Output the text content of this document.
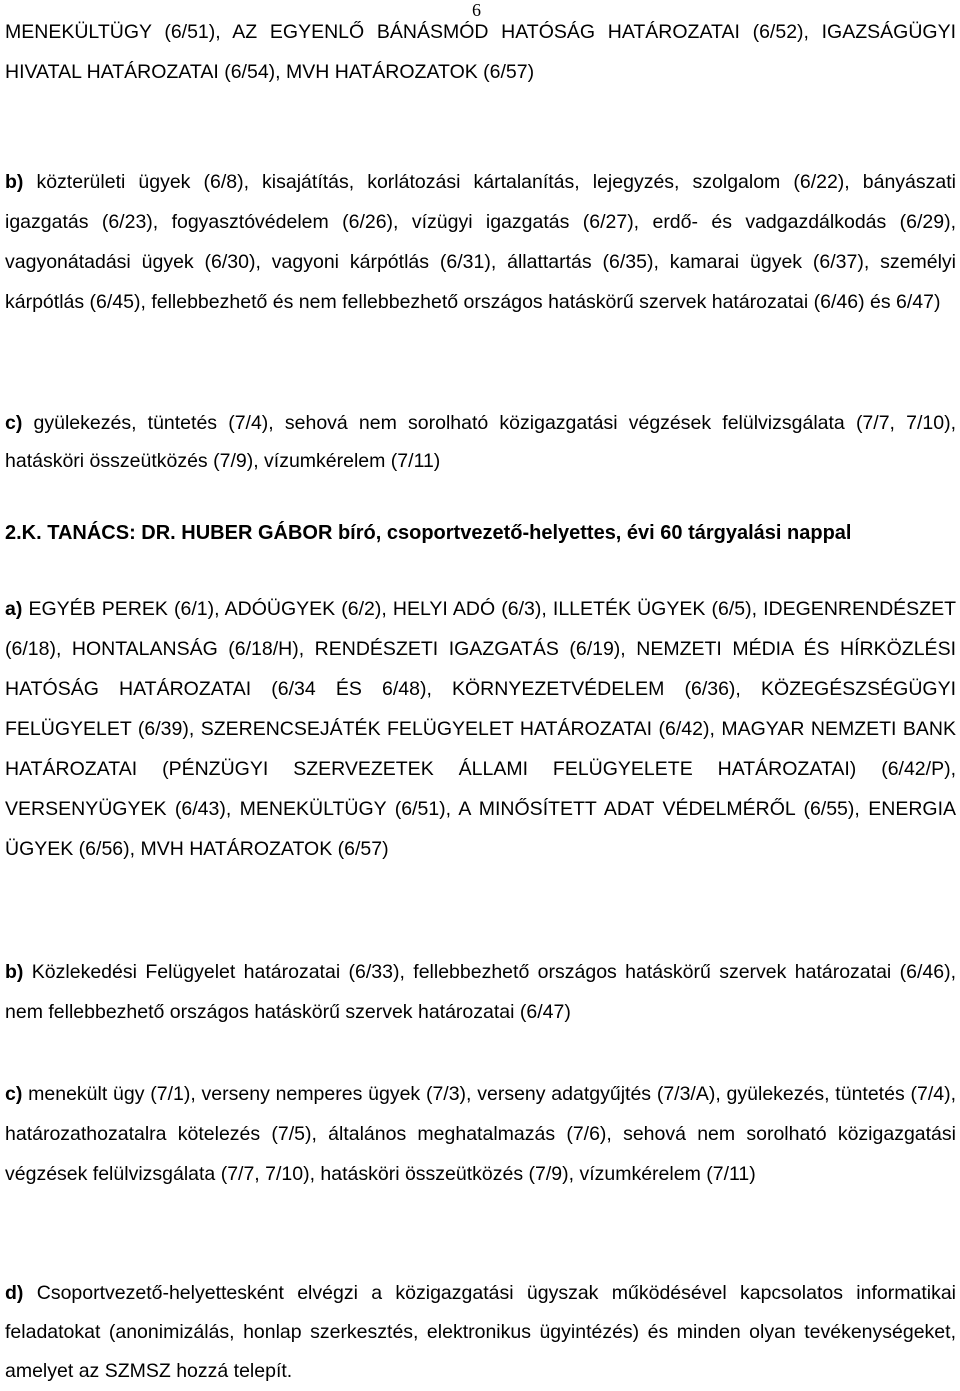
6

MENEKÜLTÜGY (6/51), AZ EGYENLŐ BÁNÁSMÓD HATÓSÁG HATÁROZATAI (6/52), IGAZSÁGÜGYI HIVATAL HATÁROZATAI (6/54), MVH HATÁROZATOK (6/57)

b) közterületi ügyek (6/8), kisajátítás, korlátozási kártalanítás, lejegyzés, szolgalom (6/22), bányászati igazgatás (6/23), fogyasztóvédelem (6/26), vízügyi igazgatás (6/27), erdő- és vadgazdálkodás (6/29), vagyonátadási ügyek (6/30), vagyoni kárpótlás (6/31), állattartás (6/35), kamarai ügyek (6/37), személyi kárpótlás (6/45), fellebbezhető és nem fellebbezhető országos hatáskörű szervek határozatai (6/46) és 6/47)

c) gyülekezés, tüntetés (7/4), sehová nem sorolható közigazgatási végzések felülvizsgálata (7/7, 7/10), hatásköri összeütközés (7/9), vízumkérelem (7/11)

2.K. TANÁCS: DR. HUBER GÁBOR bíró, csoportvezető-helyettes, évi 60 tárgyalási nappal

a) EGYÉB PEREK (6/1), ADÓÜGYEK (6/2), HELYI ADÓ (6/3), ILLETÉK ÜGYEK (6/5), IDEGENRENDÉSZET (6/18), HONTALANSÁG (6/18/H), RENDÉSZETI IGAZGATÁS (6/19), NEMZETI MÉDIA ÉS HÍRKÖZLÉSI HATÓSÁG HATÁROZATAI (6/34 ÉS 6/48), KÖRNYEZETVÉDELEM (6/36), KÖZEGÉSZSÉGÜGYI FELÜGYELET (6/39), SZERENCSEJÁTÉK FELÜGYELET HATÁROZATAI (6/42), MAGYAR NEMZETI BANK HATÁROZATAI (PÉNZÜGYI SZERVEZETEK ÁLLAMI FELÜGYELETE HATÁROZATAI) (6/42/P), VERSENYÜGYEK (6/43), MENEKÜLTÜGY (6/51), A MINŐSÍTETT ADAT VÉDELMÉRŐL (6/55), ENERGIA ÜGYEK (6/56), MVH HATÁROZATOK (6/57)

b) Közlekedési Felügyelet határozatai (6/33), fellebbezhető országos hatáskörű szervek határozatai (6/46), nem fellebbezhető országos hatáskörű szervek határozatai (6/47)

c) menekült ügy (7/1), verseny nemperes ügyek (7/3), verseny adatgyűjtés (7/3/A), gyülekezés, tüntetés (7/4), határozathozatalra kötelezés (7/5), általános meghatalmazás (7/6), sehová nem sorolható közigazgatási végzések felülvizsgálata (7/7, 7/10), hatásköri összeütközés (7/9), vízumkérelem (7/11)

d) Csoportvezető-helyettesként elvégzi a közigazgatási ügyszak működésével kapcsolatos informatikai feladatokat (anonimizálás, honlap szerkesztés, elektronikus ügyintézés) és minden olyan tevékenységeket, amelyet az SZMSZ hozzá telepít.
